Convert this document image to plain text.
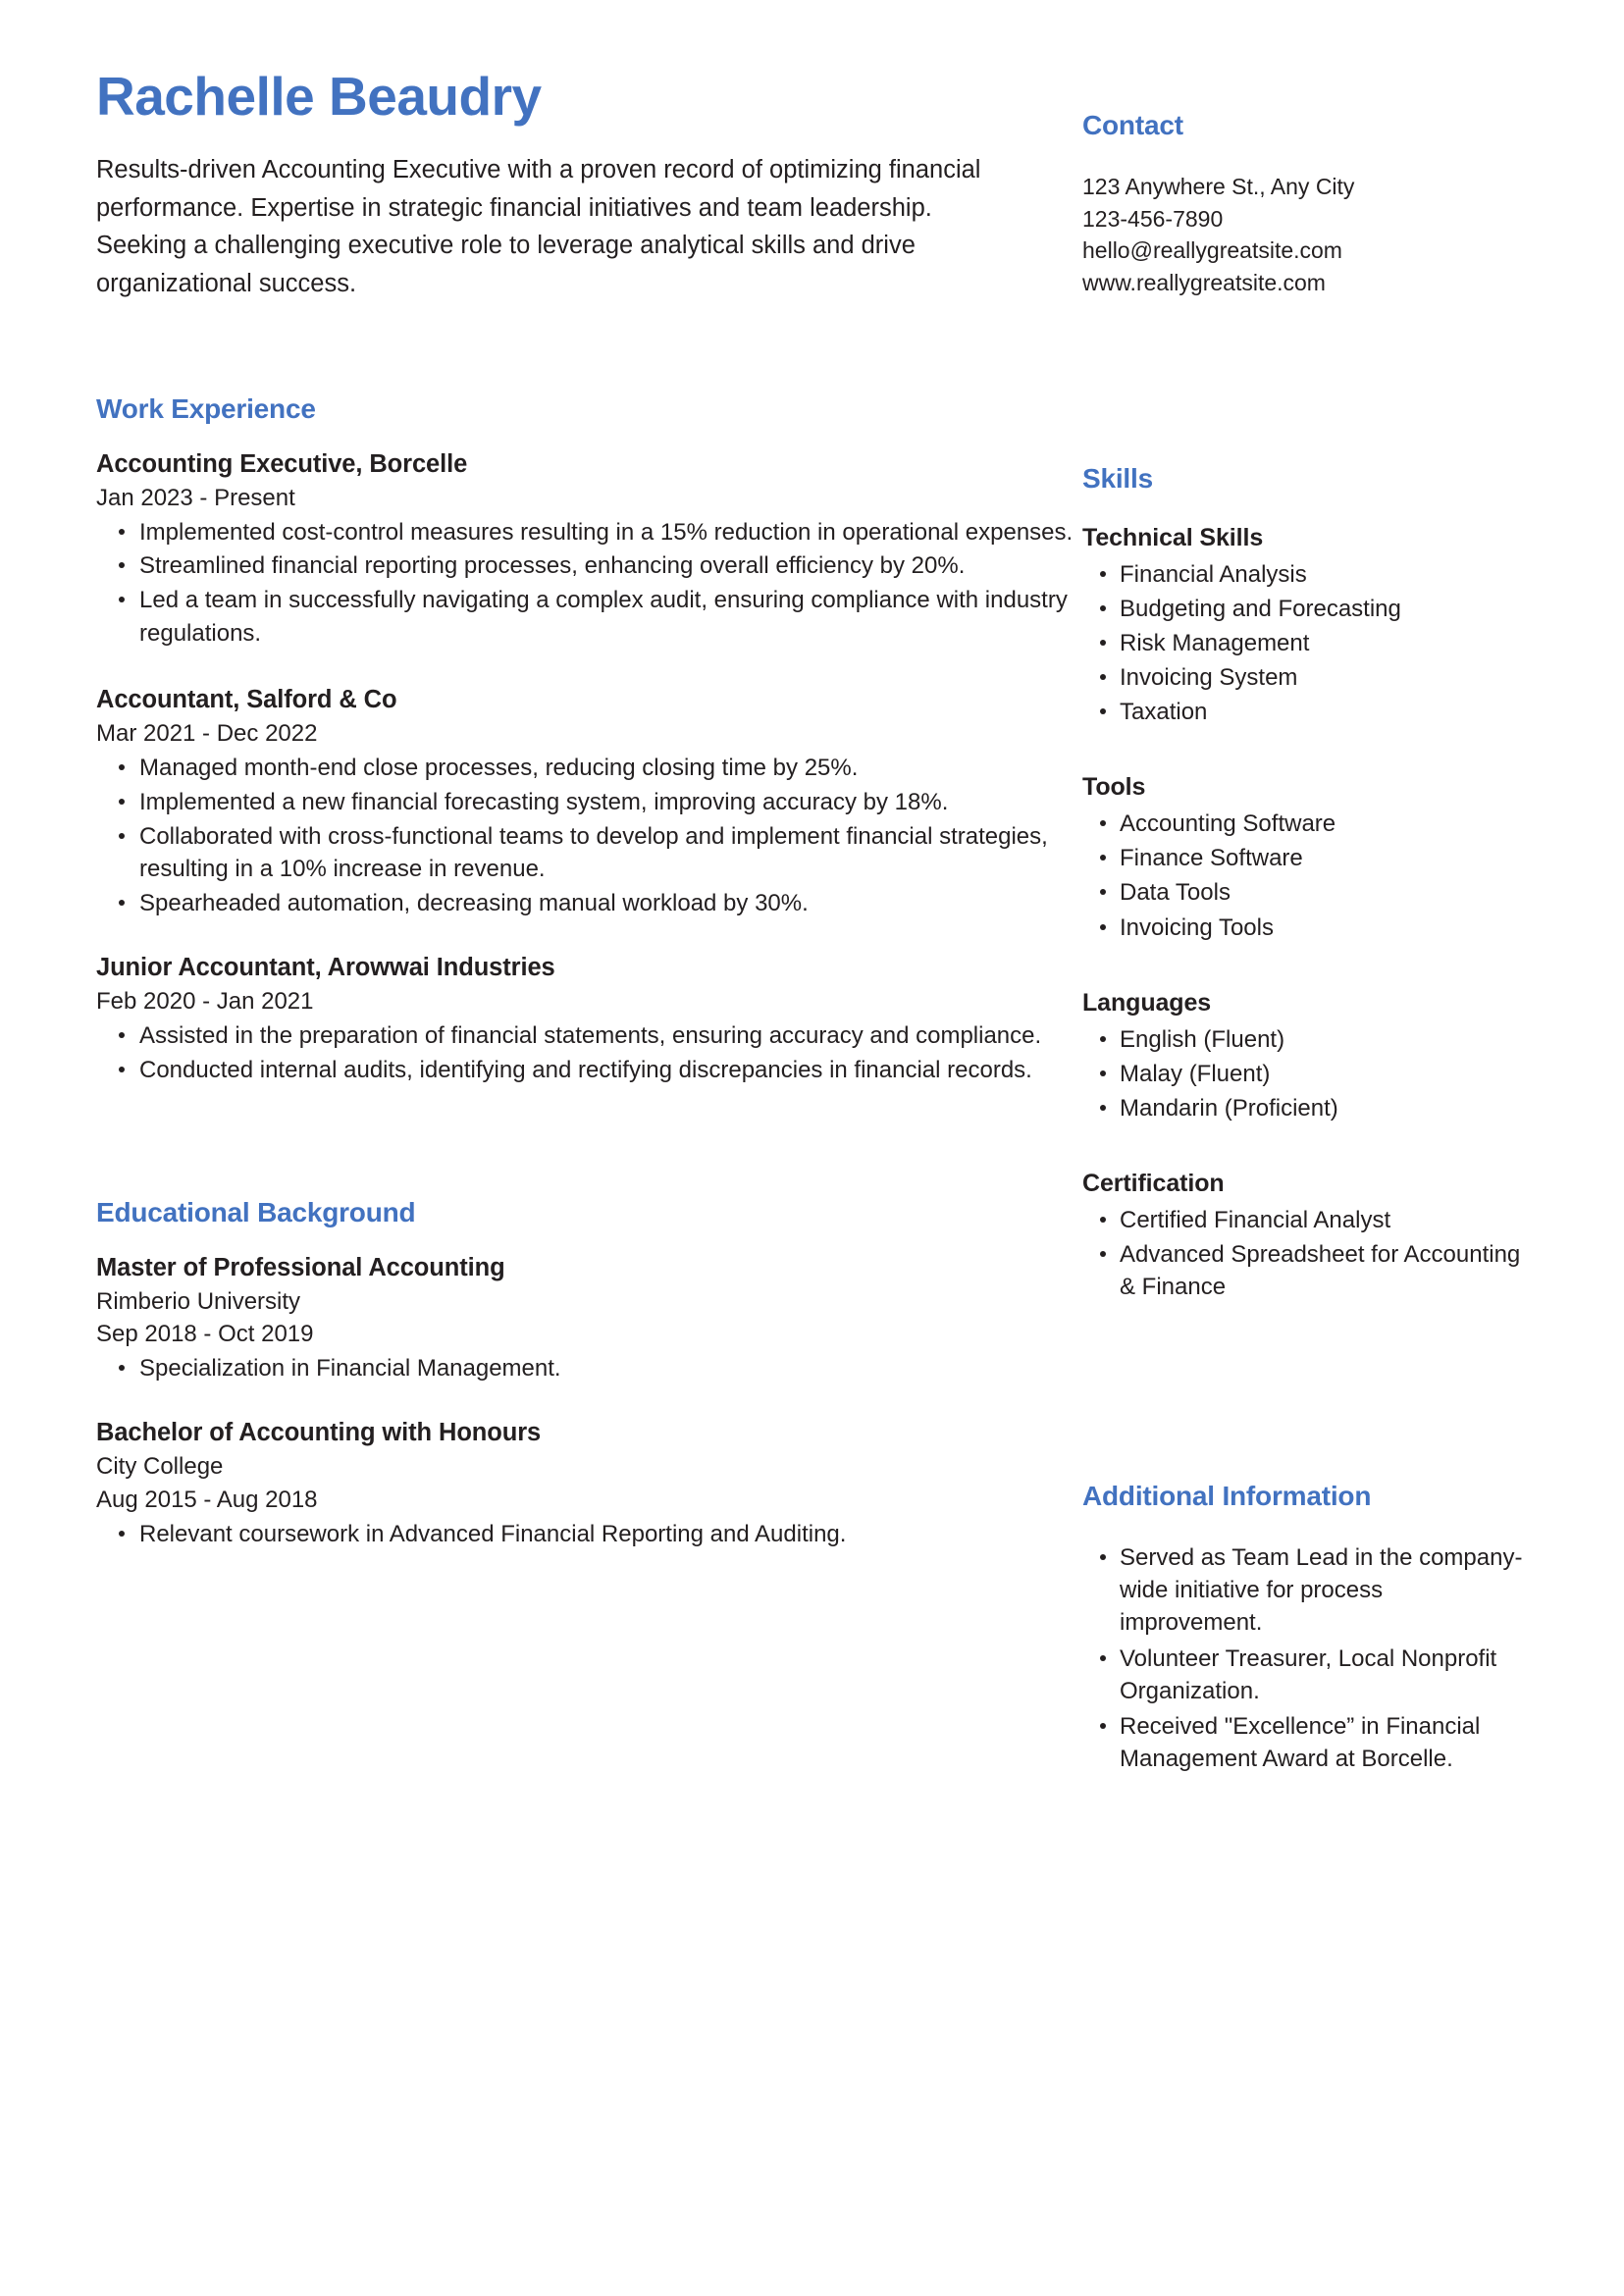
Rachelle Beaudry

Results-driven Accounting Executive with a proven record of optimizing financial performance. Expertise in strategic financial initiatives and team leadership. Seeking a challenging executive role to leverage analytical skills and drive organizational success.

Work Experience
Accounting Executive, Borcelle

Jan 2023 - Present

Implemented cost-control measures resulting in a 15% reduction in operational expenses.
Streamlined financial reporting processes, enhancing overall efficiency by 20%.
Led a team in successfully navigating a complex audit, ensuring compliance with industry regulations.
Accountant, Salford & Co

Mar 2021 - Dec 2022

Managed month-end close processes, reducing closing time by 25%.
Implemented a new financial forecasting system, improving accuracy by 18%.
Collaborated with cross-functional teams to develop and implement financial strategies, resulting in a 10% increase in revenue.
Spearheaded automation, decreasing manual workload by 30%.
Junior Accountant, Arowwai Industries

Feb 2020 - Jan 2021

Assisted in the preparation of financial statements, ensuring accuracy and compliance.
Conducted internal audits, identifying and rectifying discrepancies in financial records.
Educational Background
Master of Professional Accounting

Rimberio University

Sep 2018 - Oct 2019

Specialization in Financial Management.
Bachelor of Accounting with Honours

City College

Aug 2015 - Aug 2018

Relevant coursework in Advanced Financial Reporting and Auditing.
Contact
123 Anywhere St., Any City
123-456-7890
hello@reallygreatsite.com
www.reallygreatsite.com
Skills
Technical Skills
Financial Analysis
Budgeting and Forecasting
Risk Management
Invoicing System
Taxation
Tools
Accounting Software
Finance Software
Data Tools
Invoicing Tools
Languages
English (Fluent)
Malay (Fluent)
Mandarin (Proficient)
Certification
Certified Financial Analyst
Advanced Spreadsheet for Accounting & Finance
Additional Information
Served as Team Lead in the company-wide initiative for process improvement.
Volunteer Treasurer, Local Nonprofit Organization.
Received "Excellence” in Financial Management Award at Borcelle.
